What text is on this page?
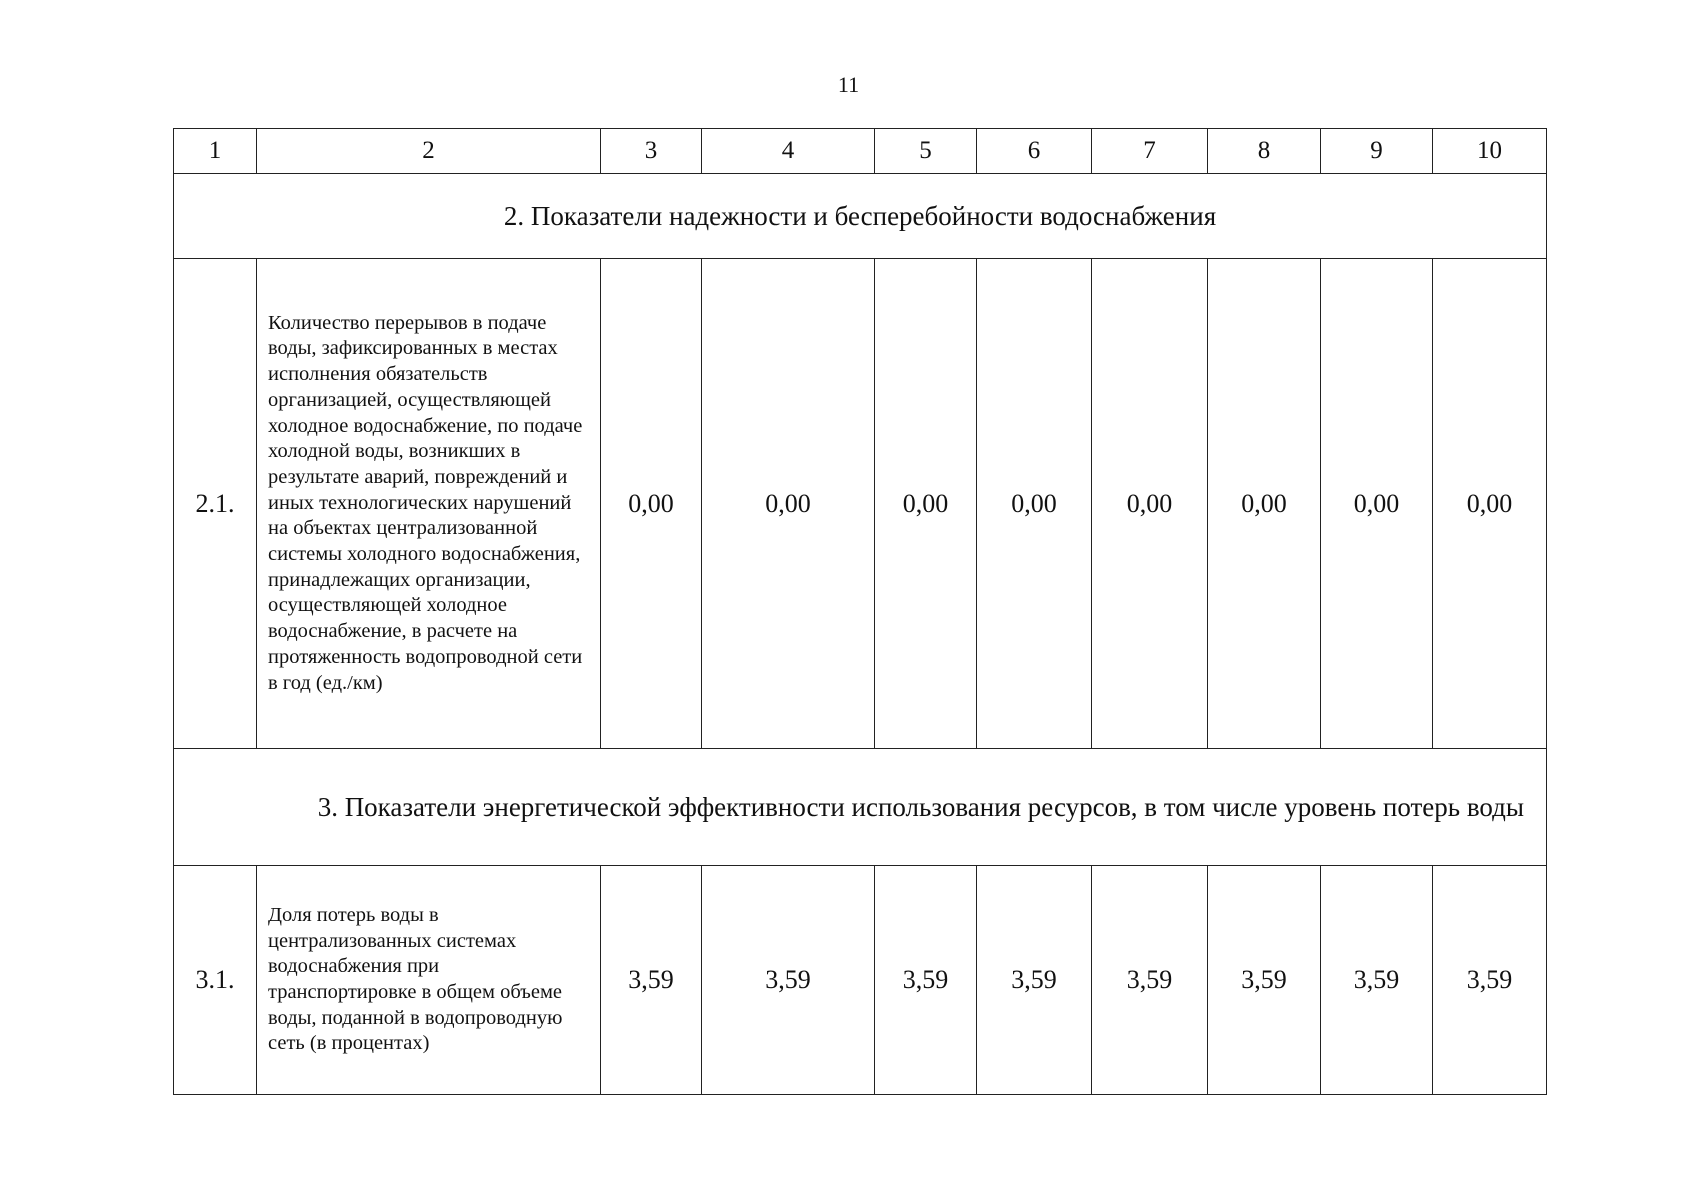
11
1	2	3	4	5	6	7	8	9	10
2. Показатели надежности и бесперебойности водоснабжения									
2.1.	Количество перерывов в подаче воды, зафиксированных в местах исполнения обязательств организацией, осуществляющей холодное водоснабжение, по подаче холодной воды, возникших в результате аварий, повреждений и иных технологических нарушений на объектах централизованной системы холодного водоснабжения, принадлежащих организации, осуществляющей холодное водоснабжение, в расчете на протяженность водопроводной сети в год (ед./км)	0,00	0,00	0,00	0,00	0,00	0,00	0,00	0,00
3. Показатели энергетической эффективности использования ресурсов, в том числе уровень потерь воды									
3.1.	Доля потерь воды в централизованных системах водоснабжения при транспортировке в общем объеме воды, поданной в водопроводную сеть (в процентах)	3,59	3,59	3,59	3,59	3,59	3,59	3,59	3,59
